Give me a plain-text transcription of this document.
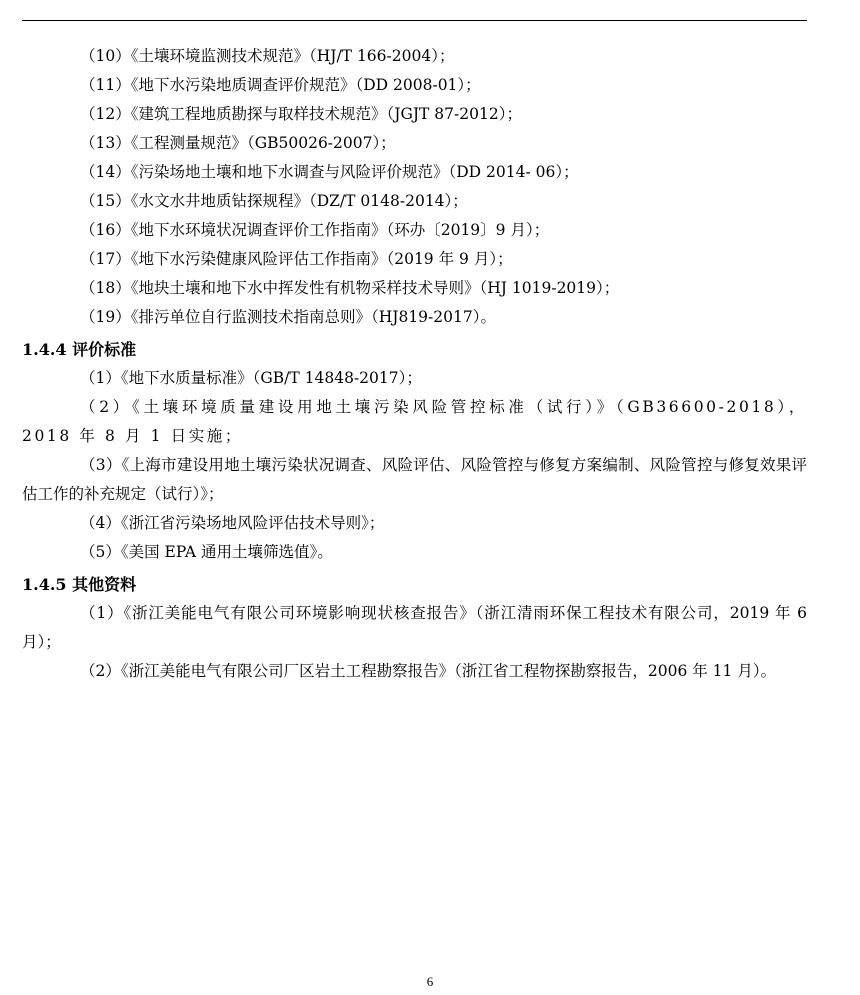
（10）《土壤环境监测技术规范》（HJ/T 166-2004）；
（11）《地下水污染地质调查评价规范》（DD 2008-01）；
（12）《建筑工程地质勘探与取样技术规范》（JGJT 87-2012）；
（13）《工程测量规范》（GB50026-2007）；
（14）《污染场地土壤和地下水调查与风险评价规范》（DD 2014- 06）；
（15）《水文水井地质钻探规程》（DZ/T 0148-2014）；
（16）《地下水环境状况调查评价工作指南》（环办〔2019〕9 月）；
（17）《地下水污染健康风险评估工作指南》（2019 年 9 月）；
（18）《地块土壤和地下水中挥发性有机物采样技术导则》（HJ 1019-2019）；
（19）《排污单位自行监测技术指南总则》（HJ819-2017）。
1.4.4 评价标准
（1）《地下水质量标准》（GB/T 14848-2017）；

（2）《土壤环境质量建设用地土壤污染风险管控标准（试行）》（GB36600-2018），2018 年 8 月 1 日实施；

（3）《上海市建设用地土壤污染状况调查、风险评估、风险管控与修复方案编制、风险管控与修复效果评估工作的补充规定（试行）》；

（4）《浙江省污染场地风险评估技术导则》；
（5）《美国 EPA 通用土壤筛选值》。
1.4.5 其他资料

（1）《浙江美能电气有限公司环境影响现状核查报告》（浙江清雨环保工程技术有限公司，2019 年 6 月）；

（2）《浙江美能电气有限公司厂区岩土工程勘察报告》（浙江省工程物探勘察报告，2006 年 11 月）。

6
